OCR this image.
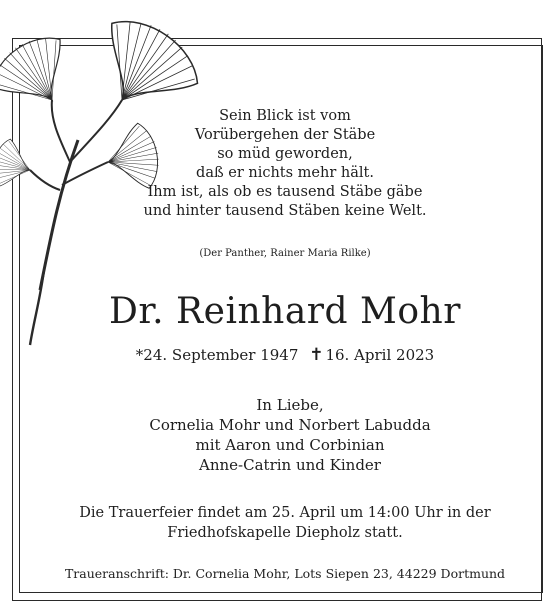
Sein Blick ist vom
Vorübergehen der Stäbe
so müd geworden,
daß er nichts mehr hält.
Ihm ist, als ob es tausend Stäbe gäbe
und hinter tausend Stäben keine Welt.
(Der Panther, Rainer Maria Rilke)
Dr. Reinhard Mohr
*24. September 1947 ✝ 16. April 2023
In Liebe,
Cornelia Mohr und Norbert Labudda
mit Aaron und Corbinian
Anne-Catrin und Kinder
Die Trauerfeier findet am 25. April um 14:00 Uhr in der
Friedhofskapelle Diepholz statt.
Traueranschrift: Dr. Cornelia Mohr, Lots Siepen 23, 44229 Dortmund
